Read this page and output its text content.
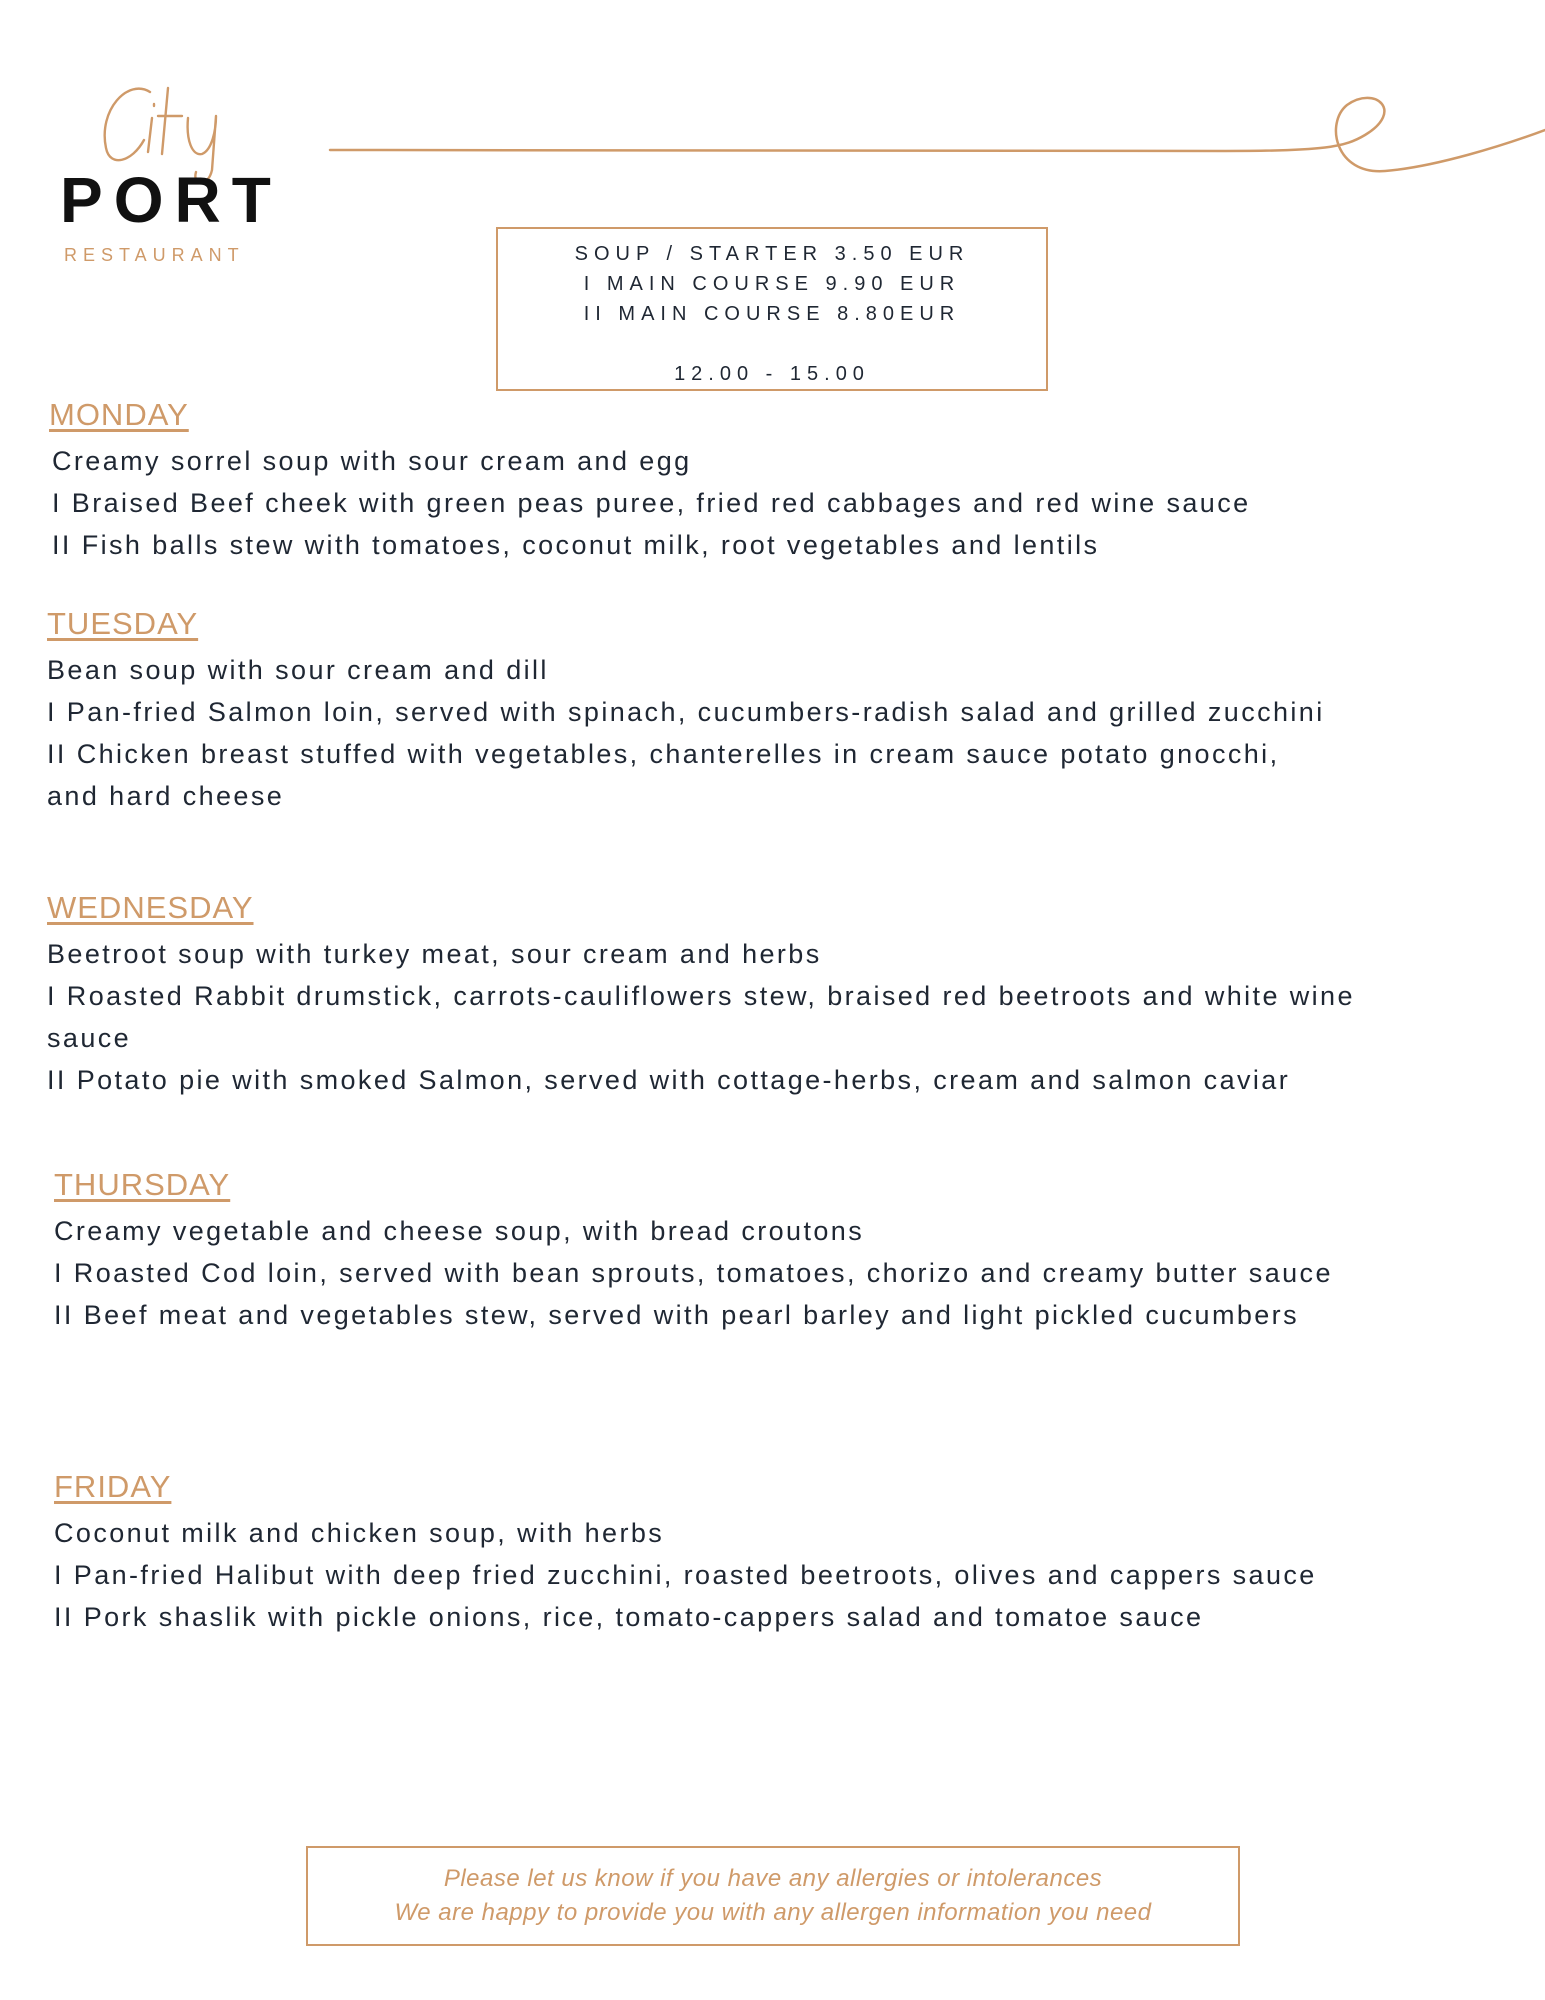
PORT
RESTAURANT	SOUP / STARTER 3.50 EUR
I MAIN COURSE 9.90 EUR
II MAIN COURSE 8.80EUR
12.00 - 15.00
MONDAY
Creamy sorrel soup with sour cream and egg
I Braised Beef cheek with green peas puree, fried red cabbages and red wine sauce
II Fish balls stew with tomatoes, coconut milk, root vegetables and lentils
TUESDAY
Bean soup with sour cream and dill
I Pan-fried Salmon loin, served with spinach, cucumbers-radish salad and grilled zucchini
II Chicken breast stuffed with vegetables, chanterelles in cream sauce potato gnocchi, and hard cheese
WEDNESDAY
Beetroot soup with turkey meat, sour cream and herbs
I Roasted Rabbit drumstick, carrots-cauliflowers stew, braised red beetroots and white wine sauce
II Potato pie with smoked Salmon, served with cottage-herbs, cream and salmon caviar
THURSDAY
Creamy vegetable and cheese soup, with bread croutons
I Roasted Cod loin, served with bean sprouts, tomatoes, chorizo and creamy butter sauce
II Beef meat and vegetables stew, served with pearl barley and light pickled cucumbers
FRIDAY
Coconut milk and chicken soup, with herbs
I Pan-fried Halibut with deep fried zucchini, roasted beetroots, olives and cappers sauce
II Pork shaslik with pickle onions, rice, tomato-cappers salad and tomatoe sauce
Please let us know if you have any allergies or intolerances
We are happy to provide you with any allergen information you need
